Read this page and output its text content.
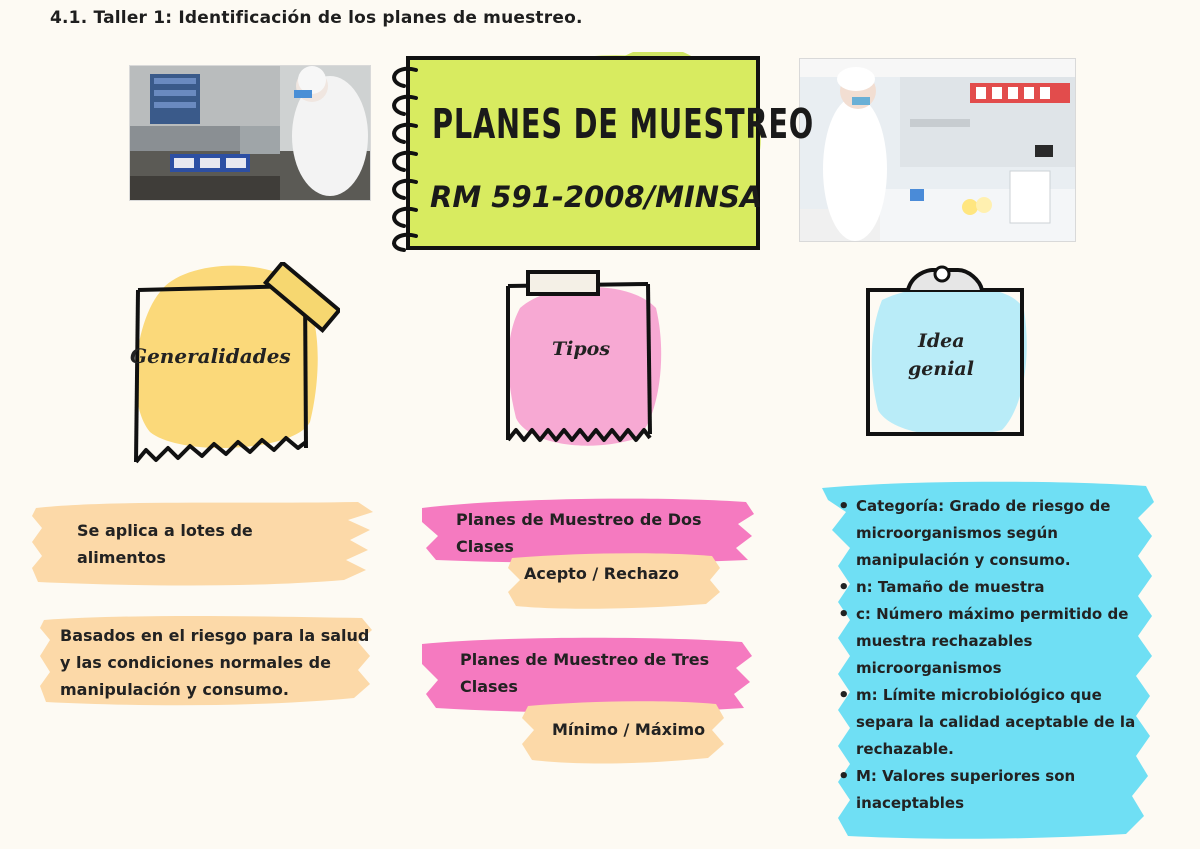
4.1. Taller 1: Identificación de los planes de muestreo.
PLANES DE MUESTREO
RM 591-2008/MINSA
Generalidades	Tipos	Idea
genial
Se aplica a lotes de alimentos
Basados en el riesgo para la salud y las condiciones normales de manipulación y consumo.
Planes de Muestreo de Dos Clases
Acepto / Rechazo
Planes de Muestreo de Tres Clases
Mínimo / Máximo
• Categoría: Grado de riesgo de microorganismos según manipulación y consumo.
• n: Tamaño de muestra
• c: Número máximo permitido de muestra rechazables microorganismos
• m: Límite microbiológico que separa la calidad aceptable de la rechazable.
• M: Valores superiores son inaceptables
